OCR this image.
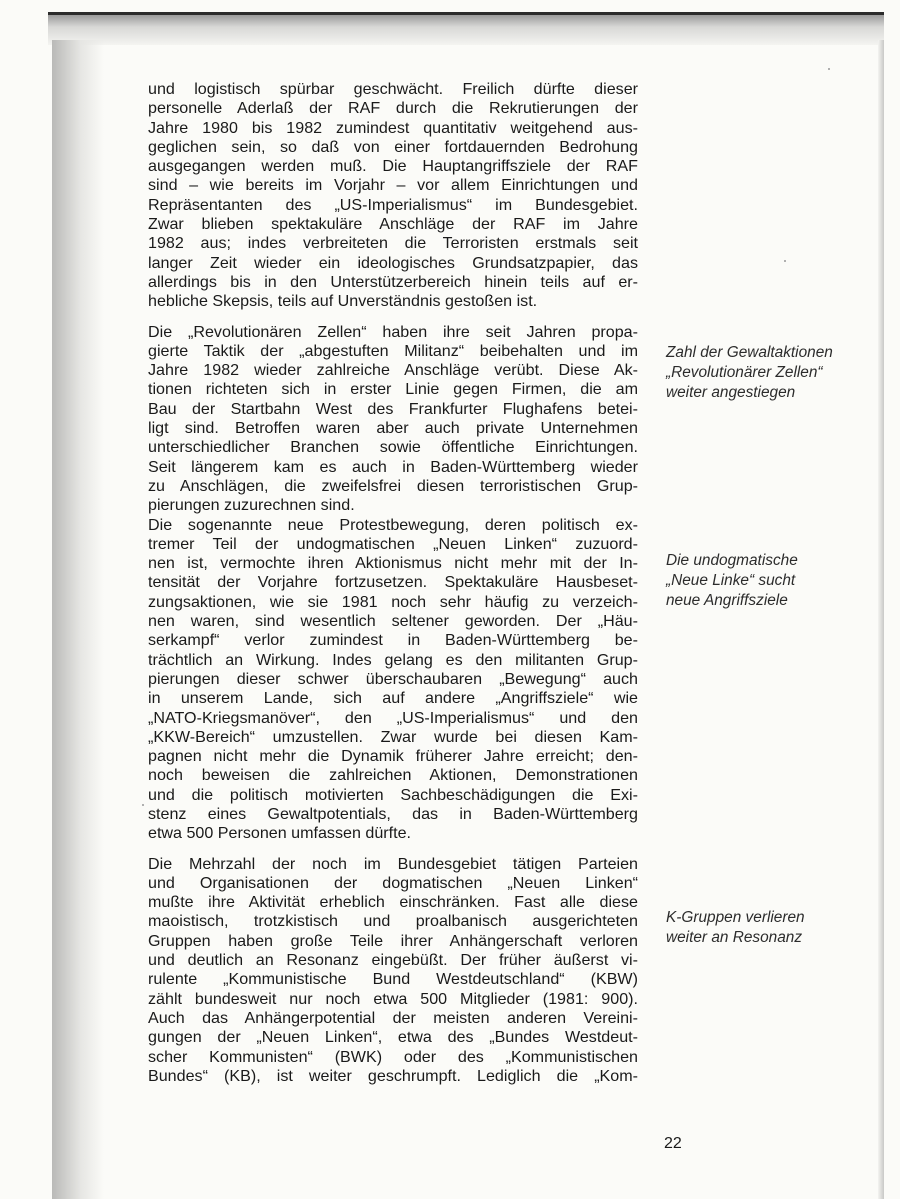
und logistisch spürbar geschwächt. Freilich dürfte dieser
personelle Aderlaß der RAF durch die Rekrutierungen der
Jahre 1980 bis 1982 zumindest quantitativ weitgehend aus-
geglichen sein, so daß von einer fortdauernden Bedrohung
ausgegangen werden muß. Die Hauptangriffsziele der RAF
sind – wie bereits im Vorjahr – vor allem Einrichtungen und
Repräsentanten des „US-Imperialismus“ im Bundesgebiet.
Zwar blieben spektakuläre Anschläge der RAF im Jahre
1982 aus; indes verbreiteten die Terroristen erstmals seit
langer Zeit wieder ein ideologisches Grundsatzpapier, das
allerdings bis in den Unterstützerbereich hinein teils auf er-
hebliche Skepsis, teils auf Unverständnis gestoßen ist.

Die „Revolutionären Zellen“ haben ihre seit Jahren propa-
gierte Taktik der „abgestuften Militanz“ beibehalten und im
Jahre 1982 wieder zahlreiche Anschläge verübt. Diese Ak-
tionen richteten sich in erster Linie gegen Firmen, die am
Bau der Startbahn West des Frankfurter Flughafens betei-
ligt sind. Betroffen waren aber auch private Unternehmen
unterschiedlicher Branchen sowie öffentliche Einrichtungen.
Seit längerem kam es auch in Baden-Württemberg wieder
zu Anschlägen, die zweifelsfrei diesen terroristischen Grup-
pierungen zuzurechnen sind.

Die sogenannte neue Protestbewegung, deren politisch ex-
tremer Teil der undogmatischen „Neuen Linken“ zuzuord-
nen ist, vermochte ihren Aktionismus nicht mehr mit der In-
tensität der Vorjahre fortzusetzen. Spektakuläre Hausbeset-
zungsaktionen, wie sie 1981 noch sehr häufig zu verzeich-
nen waren, sind wesentlich seltener geworden. Der „Häu-
serkampf“ verlor zumindest in Baden-Württemberg be-
trächtlich an Wirkung. Indes gelang es den militanten Grup-
pierungen dieser schwer überschaubaren „Bewegung“ auch
in unserem Lande, sich auf andere „Angriffsziele“ wie
„NATO-Kriegsmanöver“, den „US-Imperialismus“ und den
„KKW-Bereich“ umzustellen. Zwar wurde bei diesen Kam-
pagnen nicht mehr die Dynamik früherer Jahre erreicht; den-
noch beweisen die zahlreichen Aktionen, Demonstrationen
und die politisch motivierten Sachbeschädigungen die Exi-
stenz eines Gewaltpotentials, das in Baden-Württemberg
etwa 500 Personen umfassen dürfte.

Die Mehrzahl der noch im Bundesgebiet tätigen Parteien
und Organisationen der dogmatischen „Neuen Linken“
mußte ihre Aktivität erheblich einschränken. Fast alle diese
maoistisch, trotzkistisch und proalbanisch ausgerichteten
Gruppen haben große Teile ihrer Anhängerschaft verloren
und deutlich an Resonanz eingebüßt. Der früher äußerst vi-
rulente „Kommunistische Bund Westdeutschland“ (KBW)
zählt bundesweit nur noch etwa 500 Mitglieder (1981: 900).
Auch das Anhängerpotential der meisten anderen Vereini-
gungen der „Neuen Linken“, etwa des „Bundes Westdeut-
scher Kommunisten“ (BWK) oder des „Kommunistischen
Bundes“ (KB), ist weiter geschrumpft. Lediglich die „Kom-

Zahl der Gewaltaktionen
„Revolutionärer Zellen“
weiter angestiegen
Die undogmatische
„Neue Linke“ sucht
neue Angriffsziele
K-Gruppen verlieren
weiter an Resonanz
22
